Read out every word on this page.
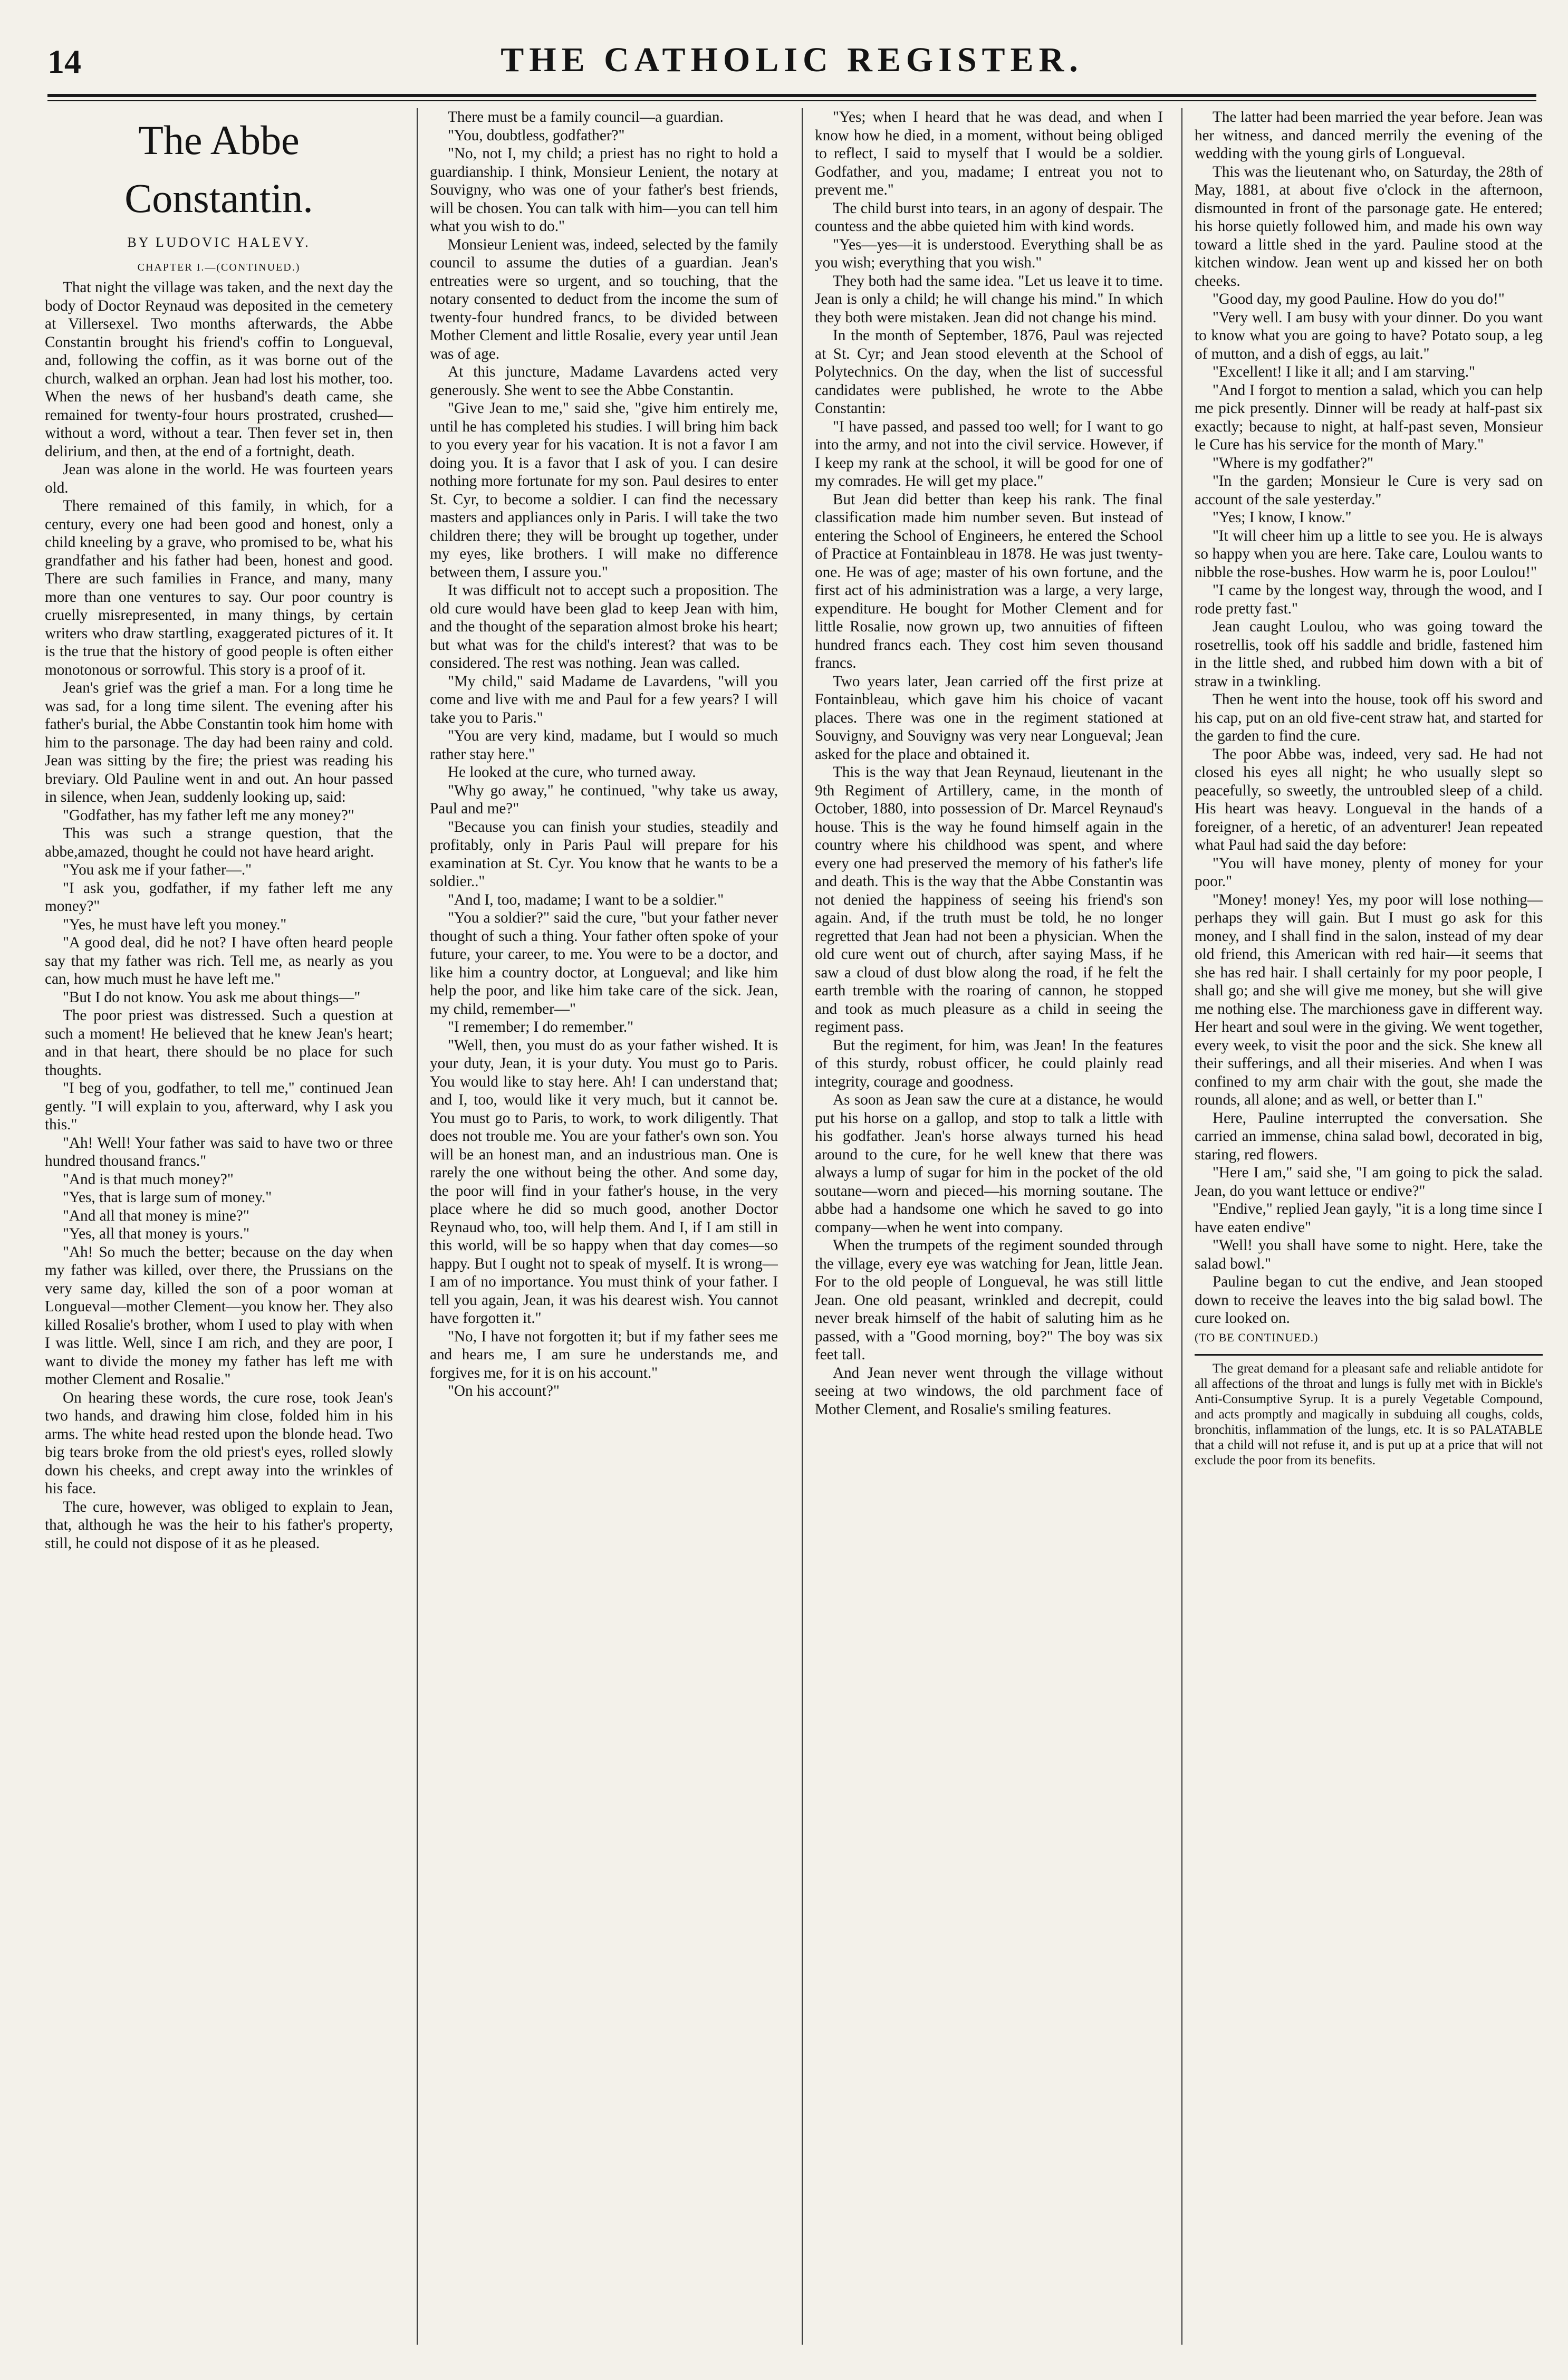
14	THE CATHOLIC REGISTER.
The Abbe Constantin.
BY LUDOVIC HALEVY.
CHAPTER I.—(CONTINUED.)

That night the village was taken, and the next day the body of Doctor Reynaud was deposited in the cemetery at Villersexel. Two months afterwards, the Abbe Constantin brought his friend's coffin to Longueval, and, following the coffin, as it was borne out of the church, walked an orphan. Jean had lost his mother, too. When the news of her husband's death came, she remained for twenty-four hours prostrated, crushed—without a word, without a tear. Then fever set in, then delirium, and then, at the end of a fortnight, death.

Jean was alone in the world. He was fourteen years old.

There remained of this family, in which, for a century, every one had been good and honest, only a child kneeling by a grave, who promised to be, what his grandfather and his father had been, honest and good. There are such families in France, and many, many more than one ventures to say. Our poor country is cruelly misrepresented, in many things, by certain writers who draw startling, exaggerated pictures of it. It is the true that the history of good people is often either monotonous or sorrowful. This story is a proof of it.

Jean's grief was the grief a man. For a long time he was sad, for a long time silent. The evening after his father's burial, the Abbe Constantin took him home with him to the parsonage. The day had been rainy and cold. Jean was sitting by the fire; the priest was reading his breviary. Old Pauline went in and out. An hour passed in silence, when Jean, suddenly looking up, said:

"Godfather, has my father left me any money?"

This was such a strange question, that the abbe,amazed, thought he could not have heard aright.

"You ask me if your father—."

"I ask you, godfather, if my father left me any money?"

"Yes, he must have left you money."

"A good deal, did he not? I have often heard people say that my father was rich. Tell me, as nearly as you can, how much must he have left me."

"But I do not know. You ask me about things—"

The poor priest was distressed. Such a question at such a moment! He believed that he knew Jean's heart; and in that heart, there should be no place for such thoughts.

"I beg of you, godfather, to tell me," continued Jean gently. "I will explain to you, afterward, why I ask you this."

"Ah! Well! Your father was said to have two or three hundred thousand francs."

"And is that much money?"

"Yes, that is large sum of money."

"And all that money is mine?"

"Yes, all that money is yours."

"Ah! So much the better; because on the day when my father was killed, over there, the Prussians on the very same day, killed the son of a poor woman at Longueval—mother Clement—you know her. They also killed Rosalie's brother, whom I used to play with when I was little. Well, since I am rich, and they are poor, I want to divide the money my father has left me with mother Clement and Rosalie."

On hearing these words, the cure rose, took Jean's two hands, and drawing him close, folded him in his arms. The white head rested upon the blonde head. Two big tears broke from the old priest's eyes, rolled slowly down his cheeks, and crept away into the wrinkles of his face.

The cure, however, was obliged to explain to Jean, that, although he was the heir to his father's property, still, he could not dispose of it as he pleased.

There must be a family council—a guardian.

"You, doubtless, godfather?"

"No, not I, my child; a priest has no right to hold a guardianship. I think, Monsieur Lenient, the notary at Souvigny, who was one of your father's best friends, will be chosen. You can talk with him—you can tell him what you wish to do."

Monsieur Lenient was, indeed, selected by the family council to assume the duties of a guardian. Jean's entreaties were so urgent, and so touching, that the notary consented to deduct from the income the sum of twenty-four hundred francs, to be divided between Mother Clement and little Rosalie, every year until Jean was of age.

At this juncture, Madame Lavardens acted very generously. She went to see the Abbe Constantin.

"Give Jean to me," said she, "give him entirely me, until he has completed his studies. I will bring him back to you every year for his vacation. It is not a favor I am doing you. It is a favor that I ask of you. I can desire nothing more fortunate for my son. Paul desires to enter St. Cyr, to become a soldier. I can find the necessary masters and appliances only in Paris. I will take the two children there; they will be brought up together, under my eyes, like brothers. I will make no difference between them, I assure you."

It was difficult not to accept such a proposition. The old cure would have been glad to keep Jean with him, and the thought of the separation almost broke his heart; but what was for the child's interest? that was to be considered. The rest was nothing. Jean was called.

"My child," said Madame de Lavardens, "will you come and live with me and Paul for a few years? I will take you to Paris."

"You are very kind, madame, but I would so much rather stay here."

He looked at the cure, who turned away.

"Why go away," he continued, "why take us away, Paul and me?"

"Because you can finish your studies, steadily and profitably, only in Paris Paul will prepare for his examination at St. Cyr. You know that he wants to be a soldier.."

"And I, too, madame; I want to be a soldier."

"You a soldier?" said the cure, "but your father never thought of such a thing. Your father often spoke of your future, your career, to me. You were to be a doctor, and like him a country doctor, at Longueval; and like him help the poor, and like him take care of the sick. Jean, my child, remember—"

"I remember; I do remember."

"Well, then, you must do as your father wished. It is your duty, Jean, it is your duty. You must go to Paris. You would like to stay here. Ah! I can understand that; and I, too, would like it very much, but it cannot be. You must go to Paris, to work, to work diligently. That does not trouble me. You are your father's own son. You will be an honest man, and an industrious man. One is rarely the one without being the other. And some day, the poor will find in your father's house, in the very place where he did so much good, another Doctor Reynaud who, too, will help them. And I, if I am still in this world, will be so happy when that day comes—so happy. But I ought not to speak of myself. It is wrong—I am of no importance. You must think of your father. I tell you again, Jean, it was his dearest wish. You cannot have forgotten it."

"No, I have not forgotten it; but if my father sees me and hears me, I am sure he understands me, and forgives me, for it is on his account."

"On his account?"

"Yes; when I heard that he was dead, and when I know how he died, in a moment, without being obliged to reflect, I said to myself that I would be a soldier. Godfather, and you, madame; I entreat you not to prevent me."

The child burst into tears, in an agony of despair. The countess and the abbe quieted him with kind words.

"Yes—yes—it is understood. Everything shall be as you wish; everything that you wish."

They both had the same idea. "Let us leave it to time. Jean is only a child; he will change his mind." In which they both were mistaken. Jean did not change his mind.

In the month of September, 1876, Paul was rejected at St. Cyr; and Jean stood eleventh at the School of Polytechnics. On the day, when the list of successful candidates were published, he wrote to the Abbe Constantin:

"I have passed, and passed too well; for I want to go into the army, and not into the civil service. However, if I keep my rank at the school, it will be good for one of my comrades. He will get my place."

But Jean did better than keep his rank. The final classification made him number seven. But instead of entering the School of Engineers, he entered the School of Practice at Fontainbleau in 1878. He was just twenty-one. He was of age; master of his own fortune, and the first act of his administration was a large, a very large, expenditure. He bought for Mother Clement and for little Rosalie, now grown up, two annuities of fifteen hundred francs each. They cost him seven thousand francs.

Two years later, Jean carried off the first prize at Fontainbleau, which gave him his choice of vacant places. There was one in the regiment stationed at Souvigny, and Souvigny was very near Longueval; Jean asked for the place and obtained it.

This is the way that Jean Reynaud, lieutenant in the 9th Regiment of Artillery, came, in the month of October, 1880, into possession of Dr. Marcel Reynaud's house. This is the way he found himself again in the country where his childhood was spent, and where every one had preserved the memory of his father's life and death. This is the way that the Abbe Constantin was not denied the happiness of seeing his friend's son again. And, if the truth must be told, he no longer regretted that Jean had not been a physician. When the old cure went out of church, after saying Mass, if he saw a cloud of dust blow along the road, if he felt the earth tremble with the roaring of cannon, he stopped and took as much pleasure as a child in seeing the regiment pass.

But the regiment, for him, was Jean! In the features of this sturdy, robust officer, he could plainly read integrity, courage and goodness.

As soon as Jean saw the cure at a distance, he would put his horse on a gallop, and stop to talk a little with his godfather. Jean's horse always turned his head around to the cure, for he well knew that there was always a lump of sugar for him in the pocket of the old soutane—worn and pieced—his morning soutane. The abbe had a handsome one which he saved to go into company—when he went into company.

When the trumpets of the regiment sounded through the village, every eye was watching for Jean, little Jean. For to the old people of Longueval, he was still little Jean. One old peasant, wrinkled and decrepit, could never break himself of the habit of saluting him as he passed, with a "Good morning, boy?" The boy was six feet tall.

And Jean never went through the village without seeing at two windows, the old parchment face of Mother Clement, and Rosalie's smiling features.

The latter had been married the year before. Jean was her witness, and danced merrily the evening of the wedding with the young girls of Longueval.

This was the lieutenant who, on Saturday, the 28th of May, 1881, at about five o'clock in the afternoon, dismounted in front of the parsonage gate. He entered; his horse quietly followed him, and made his own way toward a little shed in the yard. Pauline stood at the kitchen window. Jean went up and kissed her on both cheeks.

"Good day, my good Pauline. How do you do!"

"Very well. I am busy with your dinner. Do you want to know what you are going to have? Potato soup, a leg of mutton, and a dish of eggs, au lait."

"Excellent! I like it all; and I am starving."

"And I forgot to mention a salad, which you can help me pick presently. Dinner will be ready at half-past six exactly; because to night, at half-past seven, Monsieur le Cure has his service for the month of Mary."

"Where is my godfather?"

"In the garden; Monsieur le Cure is very sad on account of the sale yesterday."

"Yes; I know, I know."

"It will cheer him up a little to see you. He is always so happy when you are here. Take care, Loulou wants to nibble the rose-bushes. How warm he is, poor Loulou!"

"I came by the longest way, through the wood, and I rode pretty fast."

Jean caught Loulou, who was going toward the rosetrellis, took off his saddle and bridle, fastened him in the little shed, and rubbed him down with a bit of straw in a twinkling.

Then he went into the house, took off his sword and his cap, put on an old five-cent straw hat, and started for the garden to find the cure.

The poor Abbe was, indeed, very sad. He had not closed his eyes all night; he who usually slept so peacefully, so sweetly, the untroubled sleep of a child. His heart was heavy. Longueval in the hands of a foreigner, of a heretic, of an adventurer! Jean repeated what Paul had said the day before:

"You will have money, plenty of money for your poor."

"Money! money! Yes, my poor will lose nothing—perhaps they will gain. But I must go ask for this money, and I shall find in the salon, instead of my dear old friend, this American with red hair—it seems that she has red hair. I shall certainly for my poor people, I shall go; and she will give me money, but she will give me nothing else. The marchioness gave in different way. Her heart and soul were in the giving. We went together, every week, to visit the poor and the sick. She knew all their sufferings, and all their miseries. And when I was confined to my arm chair with the gout, she made the rounds, all alone; and as well, or better than I."

Here, Pauline interrupted the conversation. She carried an immense, china salad bowl, decorated in big, staring, red flowers.

"Here I am," said she, "I am going to pick the salad. Jean, do you want lettuce or endive?"

"Endive," replied Jean gayly, "it is a long time since I have eaten endive"

"Well! you shall have some to night. Here, take the salad bowl."

Pauline began to cut the endive, and Jean stooped down to receive the leaves into the big salad bowl. The cure looked on.

(TO BE CONTINUED.)

The great demand for a pleasant safe and reliable antidote for all affections of the throat and lungs is fully met with in Bickle's Anti-Consumptive Syrup. It is a purely Vegetable Compound, and acts promptly and magically in subduing all coughs, colds, bronchitis, inflammation of the lungs, etc. It is so PALATABLE that a child will not refuse it, and is put up at a price that will not exclude the poor from its benefits.
